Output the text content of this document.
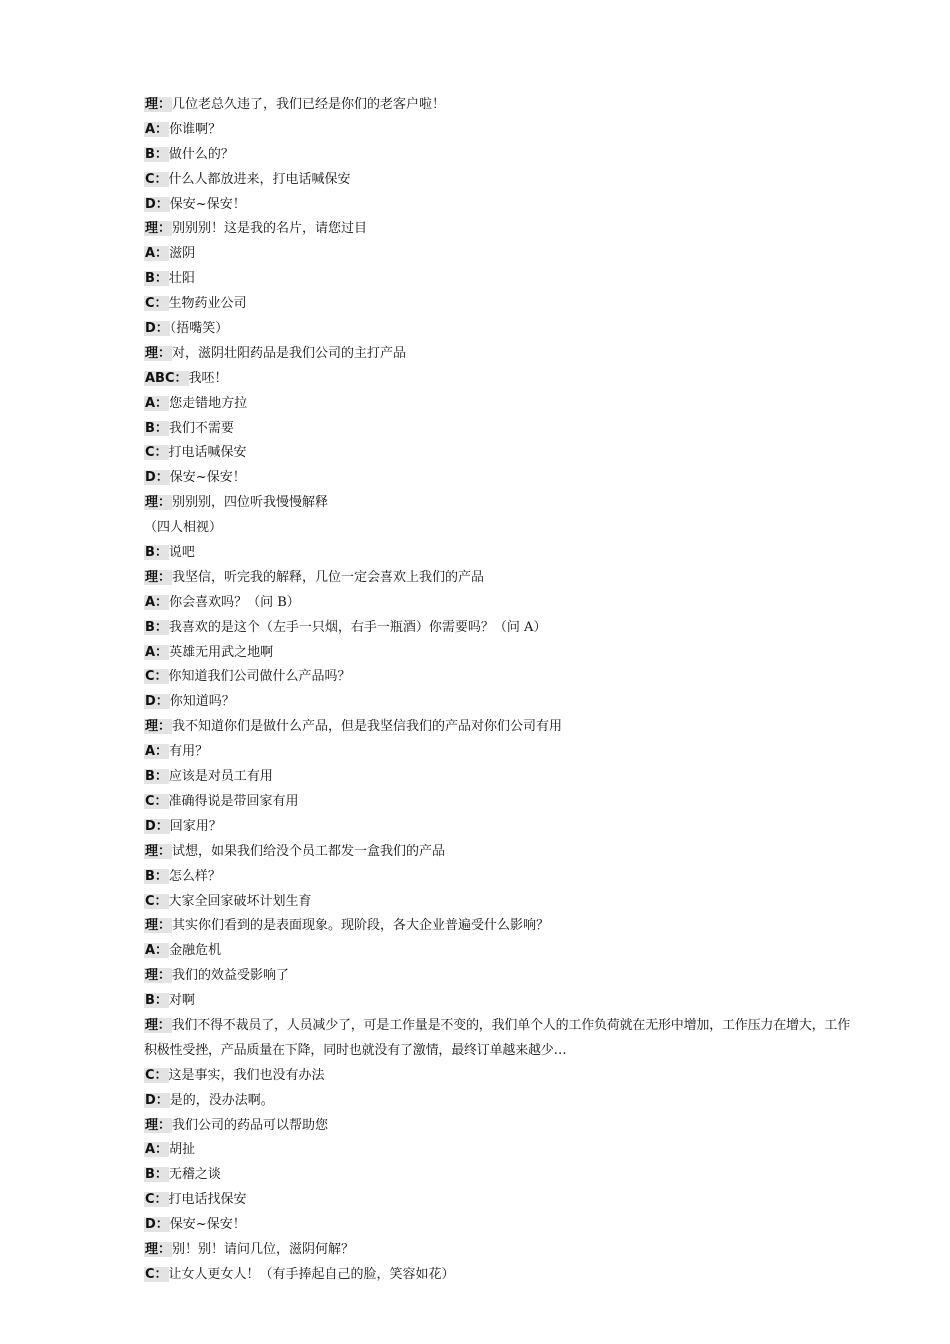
理：几位老总久违了，我们已经是你们的老客户啦！
A：你谁啊？
B：做什么的？
C：什么人都放进来，打电话喊保安
D：保安~保安！
理：别别别！这是我的名片，请您过目
A：滋阴
B：壮阳
C：生物药业公司
D：（捂嘴笑）
理：对，滋阴壮阳药品是我们公司的主打产品
ABC：我呸！
A：您走错地方拉
B：我们不需要
C：打电话喊保安
D：保安~保安！
理：别别别，四位听我慢慢解释
（四人相视）
B：说吧
理：我坚信，听完我的解释，几位一定会喜欢上我们的产品
A：你会喜欢吗？（问 B）
B：我喜欢的是这个（左手一只烟，右手一瓶酒）你需要吗？（问 A）
A：英雄无用武之地啊
C：你知道我们公司做什么产品吗？
D：你知道吗？
理：我不知道你们是做什么产品，但是我坚信我们的产品对你们公司有用
A：有用？
B：应该是对员工有用
C：准确得说是带回家有用
D：回家用？
理：试想，如果我们给没个员工都发一盒我们的产品
B：怎么样？
C：大家全回家破坏计划生育
理：其实你们看到的是表面现象。现阶段，各大企业普遍受什么影响？
A：金融危机
理：我们的效益受影响了
B：对啊
理：我们不得不裁员了，人员减少了，可是工作量是不变的，我们单个人的工作负荷就在无形中增加，工作压力在增大，工作积极性受挫，产品质量在下降，同时也就没有了激情，最终订单越来越少…
C：这是事实，我们也没有办法
D：是的，没办法啊。
理：我们公司的药品可以帮助您
A：胡扯
B：无稽之谈
C：打电话找保安
D：保安~保安！
理：别！别！请问几位，滋阴何解？
C：让女人更女人！（有手捧起自己的脸，笑容如花）
